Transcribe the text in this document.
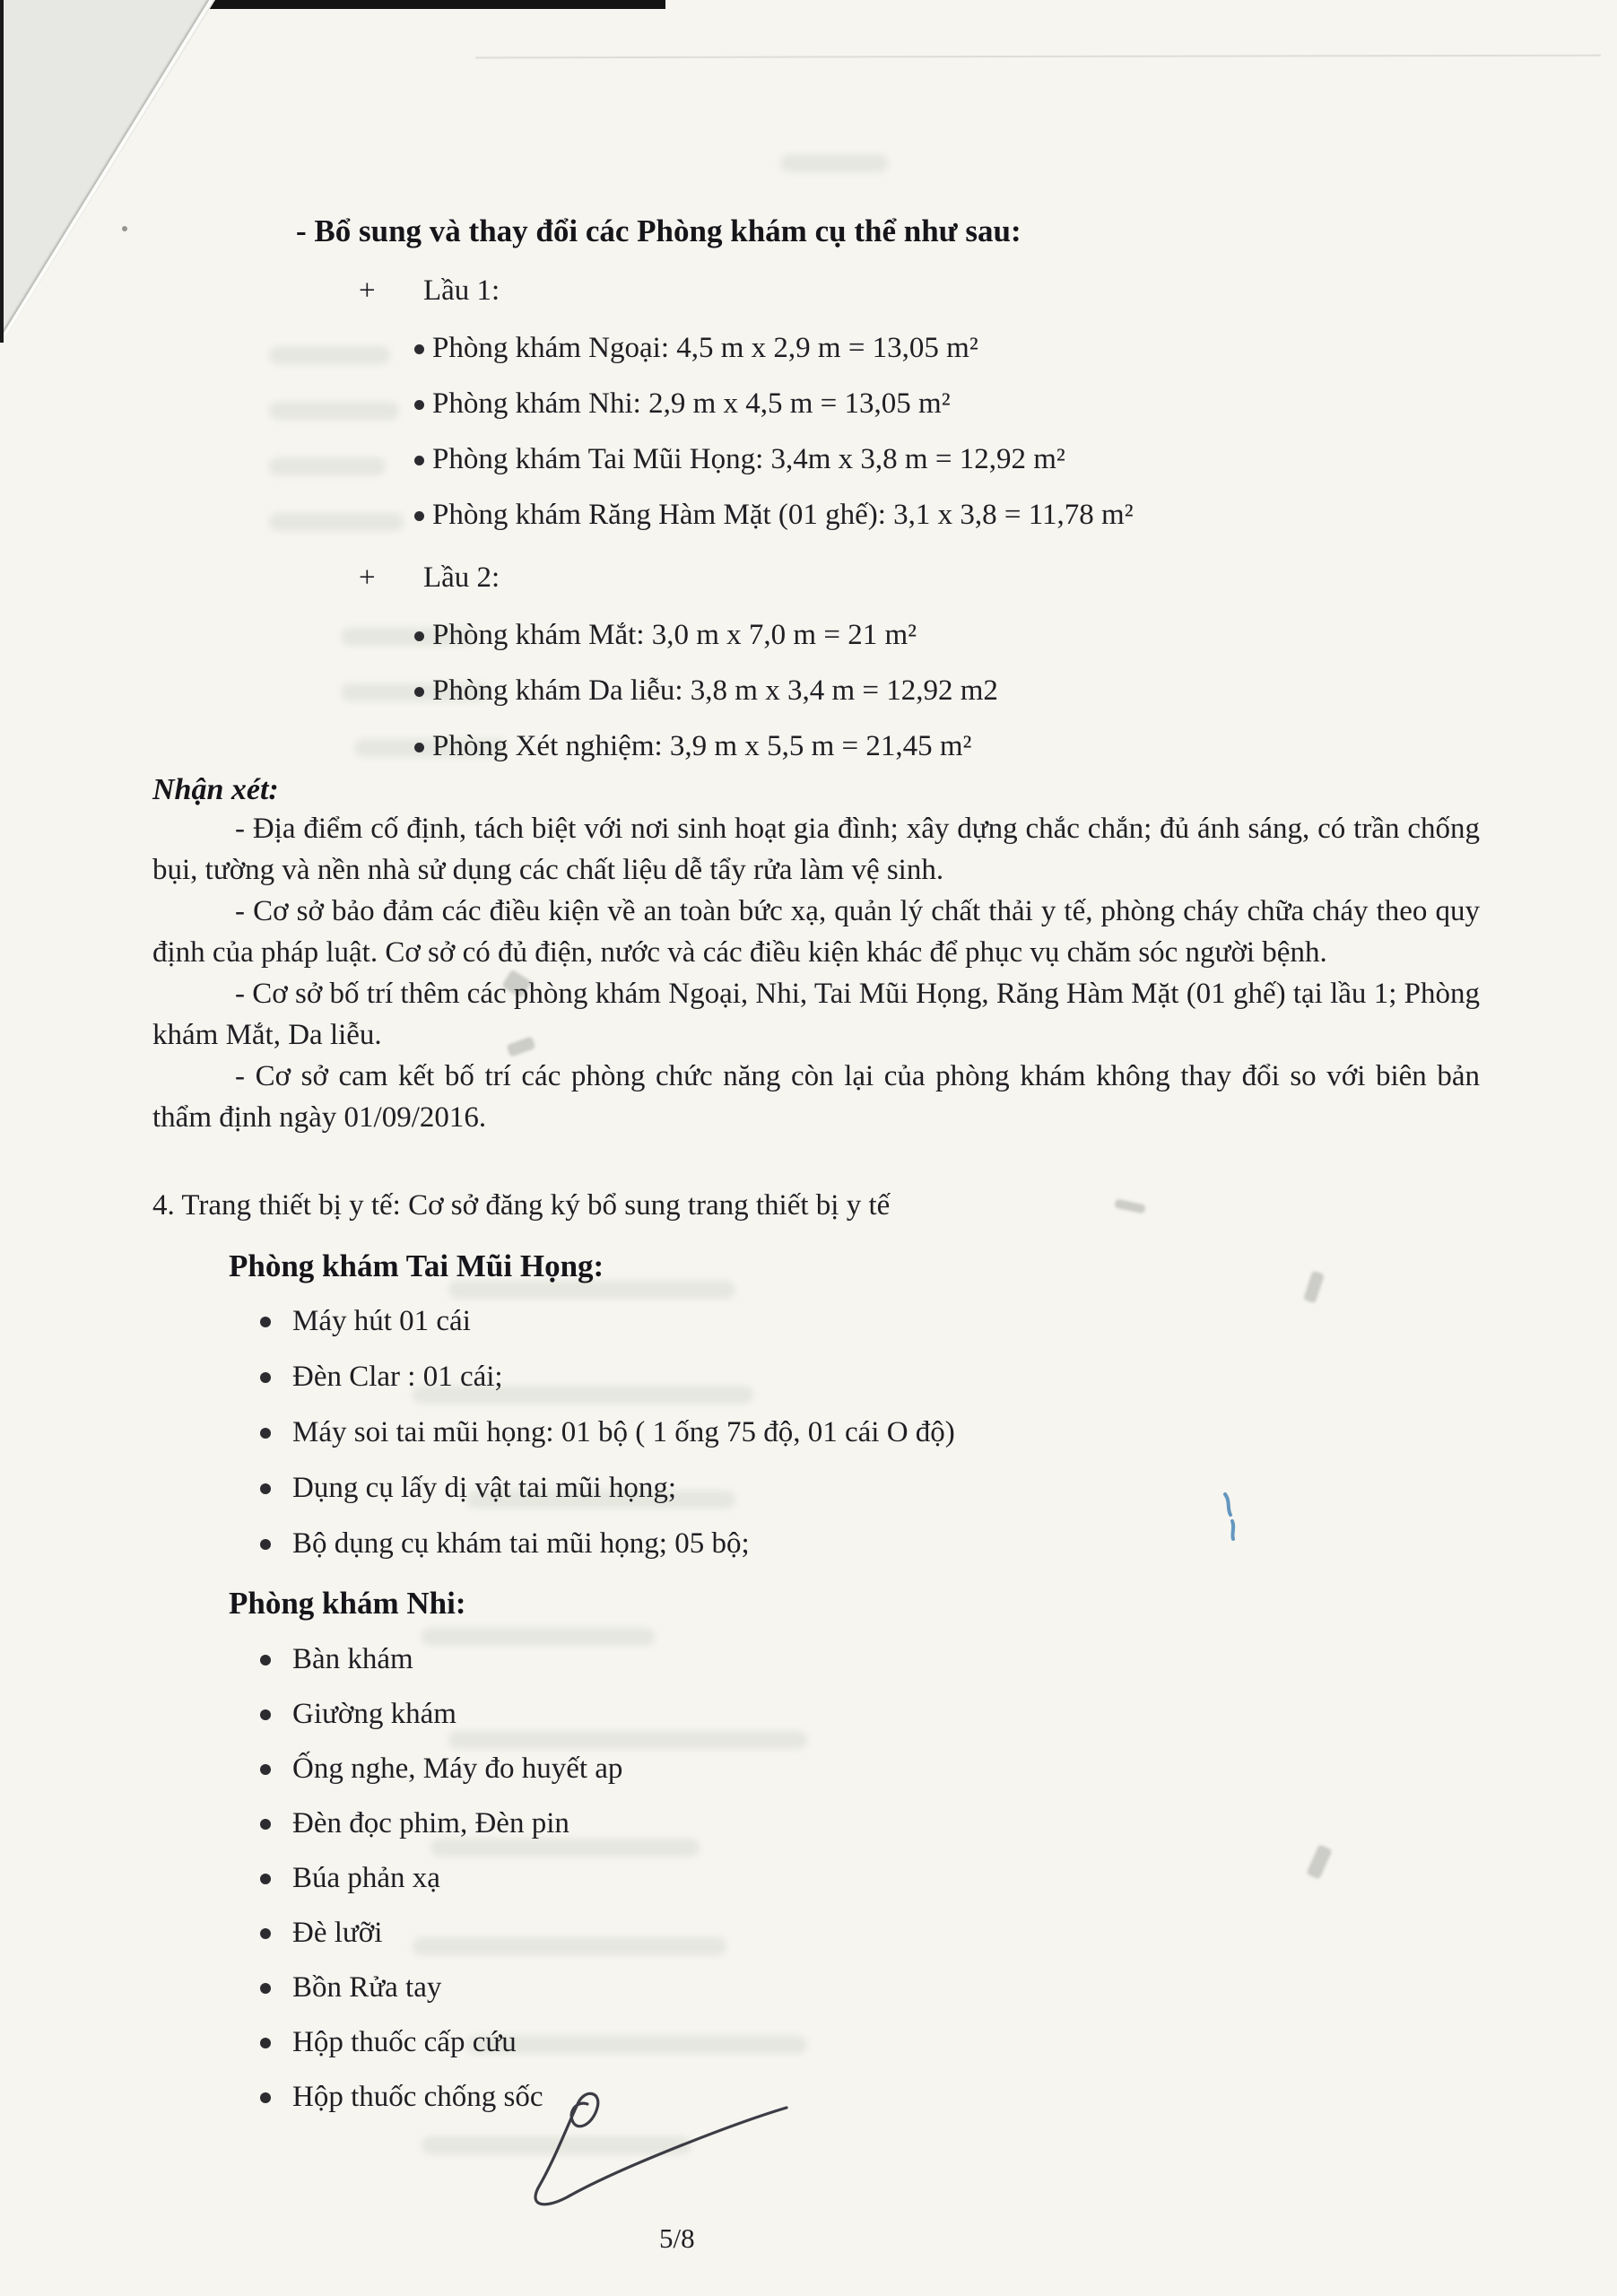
- Bổ sung và thay đổi các Phòng khám cụ thể như sau:
+ Lầu 1:
Phòng khám Ngoại: 4,5 m x 2,9 m = 13,05 m²
Phòng khám Nhi: 2,9 m x 4,5 m = 13,05 m²
Phòng khám Tai Mũi Họng: 3,4m x 3,8 m = 12,92 m²
Phòng khám Răng Hàm Mặt (01 ghế): 3,1 x 3,8 = 11,78 m²
+ Lầu 2:
Phòng khám Mắt: 3,0 m x 7,0 m = 21 m²
Phòng khám Da liễu: 3,8 m x 3,4 m = 12,92 m2
Phòng Xét nghiệm: 3,9 m x 5,5 m = 21,45 m²
Nhận xét:

- Địa điểm cố định, tách biệt với nơi sinh hoạt gia đình; xây dựng chắc chắn; đủ ánh sáng, có trần chống bụi, tường và nền nhà sử dụng các chất liệu dễ tẩy rửa làm vệ sinh.

- Cơ sở bảo đảm các điều kiện về an toàn bức xạ, quản lý chất thải y tế, phòng cháy chữa cháy theo quy định của pháp luật. Cơ sở có đủ điện, nước và các điều kiện khác để phục vụ chăm sóc người bệnh.

- Cơ sở bố trí thêm các phòng khám Ngoại, Nhi, Tai Mũi Họng, Răng Hàm Mặt (01 ghế) tại lầu 1; Phòng khám Mắt, Da liễu.

- Cơ sở cam kết bố trí các phòng chức năng còn lại của phòng khám không thay đổi so với biên bản thẩm định ngày 01/09/2016.

4. Trang thiết bị y tế: Cơ sở đăng ký bổ sung trang thiết bị y tế
Phòng khám Tai Mũi Họng:
Máy hút 01 cái
Đèn Clar : 01 cái;
Máy soi tai mũi họng: 01 bộ ( 1 ống 75 độ, 01 cái O độ)
Dụng cụ lấy dị vật tai mũi họng;
Bộ dụng cụ khám tai mũi họng; 05 bộ;
Phòng khám Nhi:
Bàn khám
Giường khám
Ống nghe, Máy đo huyết ap
Đèn đọc phim, Đèn pin
Búa phản xạ
Đè lưỡi
Bồn Rửa tay
Hộp thuốc cấp cứu
Hộp thuốc chống sốc
5/8
